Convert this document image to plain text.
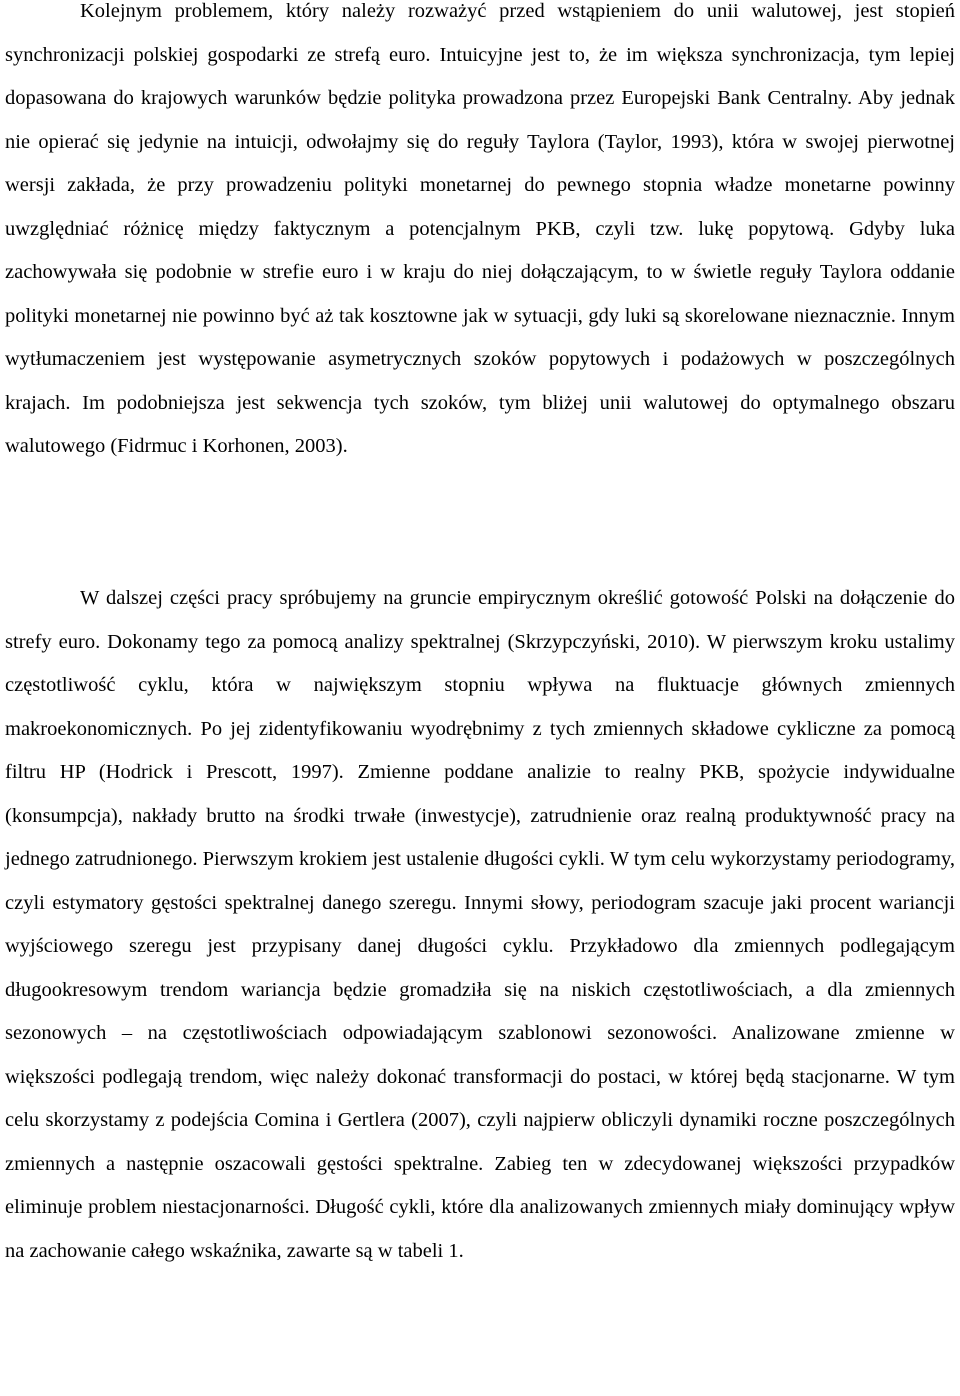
Kolejnym problemem, który należy rozważyć przed wstąpieniem do unii walutowej, jest stopień synchronizacji polskiej gospodarki ze strefą euro. Intuicyjne jest to, że im większa synchronizacja, tym lepiej dopasowana do krajowych warunków będzie polityka prowadzona przez Europejski Bank Centralny. Aby jednak nie opierać się jedynie na intuicji, odwołajmy się do reguły Taylora (Taylor, 1993), która w swojej pierwotnej wersji zakłada, że przy prowadzeniu polityki monetarnej do pewnego stopnia władze monetarne powinny uwzględniać różnicę między faktycznym a potencjalnym PKB, czyli tzw. lukę popytową. Gdyby luka zachowywała się podobnie w strefie euro i w kraju do niej dołączającym, to w świetle reguły Taylora oddanie polityki monetarnej nie powinno być aż tak kosztowne jak w sytuacji, gdy luki są skorelowane nieznacznie. Innym wytłumaczeniem jest występowanie asymetrycznych szoków popytowych i podażowych w poszczególnych krajach. Im podobniejsza jest sekwencja tych szoków, tym bliżej unii walutowej do optymalnego obszaru walutowego (Fidrmuc i Korhonen, 2003).

W dalszej części pracy spróbujemy na gruncie empirycznym określić gotowość Polski na dołączenie do strefy euro. Dokonamy tego za pomocą analizy spektralnej (Skrzypczyński, 2010). W pierwszym kroku ustalimy częstotliwość cyklu, która w największym stopniu wpływa na fluktuacje głównych zmiennych makroekonomicznych. Po jej zidentyfikowaniu wyodrębnimy z tych zmiennych składowe cykliczne za pomocą filtru HP (Hodrick i Prescott, 1997). Zmienne poddane analizie to realny PKB, spożycie indywidualne (konsumpcja), nakłady brutto na środki trwałe (inwestycje), zatrudnienie oraz realną produktywność pracy na jednego zatrudnionego. Pierwszym krokiem jest ustalenie długości cykli. W tym celu wykorzystamy periodogramy, czyli estymatory gęstości spektralnej danego szeregu. Innymi słowy, periodogram szacuje jaki procent wariancji wyjściowego szeregu jest przypisany danej długości cyklu. Przykładowo dla zmiennych podlegającym długookresowym trendom wariancja będzie gromadziła się na niskich częstotliwościach, a dla zmiennych sezonowych – na częstotliwościach odpowiadającym szablonowi sezonowości. Analizowane zmienne w większości podlegają trendom, więc należy dokonać transformacji do postaci, w której będą stacjonarne. W tym celu skorzystamy z podejścia Comina i Gertlera (2007), czyli najpierw obliczyli dynamiki roczne poszczególnych zmiennych a następnie oszacowali gęstości spektralne. Zabieg ten w zdecydowanej większości przypadków eliminuje problem niestacjonarności. Długość cykli, które dla analizowanych zmiennych miały dominujący wpływ na zachowanie całego wskaźnika, zawarte są w tabeli 1.
